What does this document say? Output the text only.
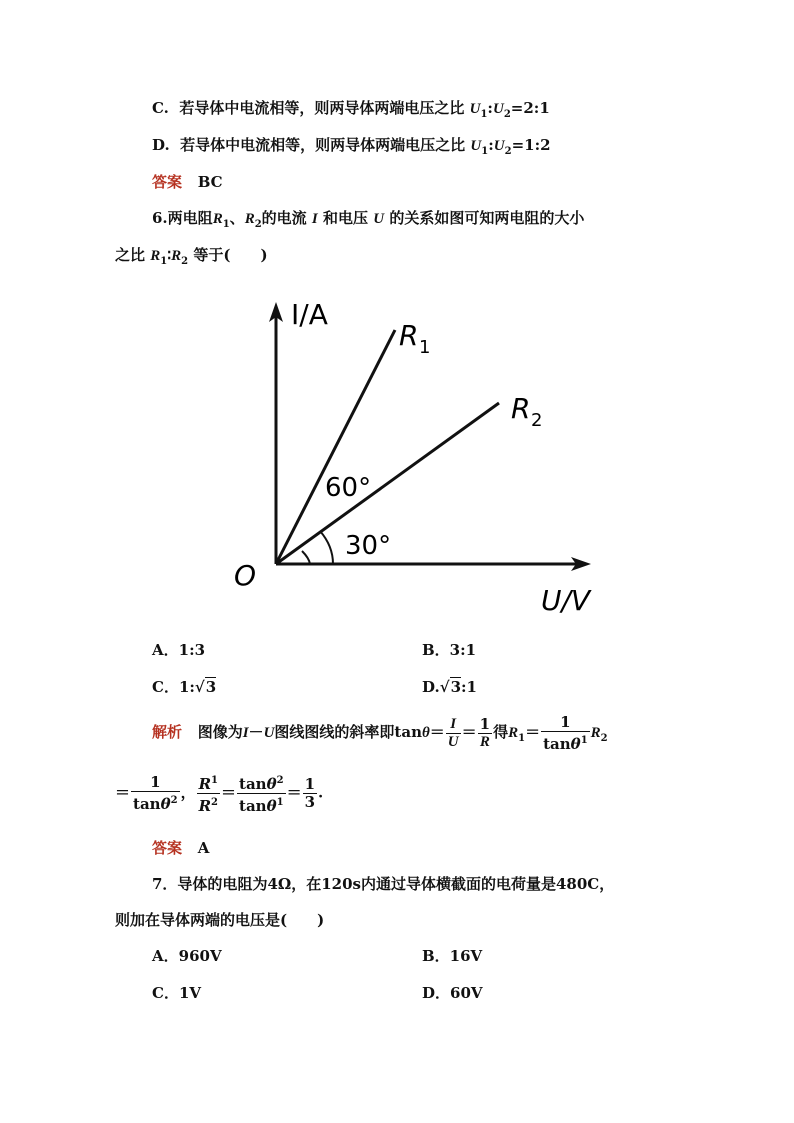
C. 若导体中电流相等，则两导体两端电压之比 $U_1:U_2=2:1$
D. 若导体中电流相等，则两导体两端电压之比 $U_1:U_2=1:2$
答案 BC
6.两电阻$R_1$、$R_2$的电流 I 和电压 U 的关系如图可知两电阻的大小
之比 $R_1∶R_2$ 等于(　　)
I/A
U/V
O
R 1
R 2
60°
30°
A．1:3	B．3:1
C．1:√3	D.√3:1
解析 图像为I－U图线图线的斜率即$\tan\theta= \frac{I}{U} = \frac{1}{R}$ 得$R_1= \frac{1}{\tan\theta^1} R_2$
＝ $\frac{1}{\tan\theta^2}$ ， $\frac{R^1}{R^2} = \frac{\tan\theta^2}{\tan\theta^1} = \frac{1}{3}$ .
答案 A
7．导体的电阻为4Ω，在120s内通过导体横截面的电荷量是480C，
则加在导体两端的电压是(　　)
A．960V	B．16V
C．1V	D．60V
